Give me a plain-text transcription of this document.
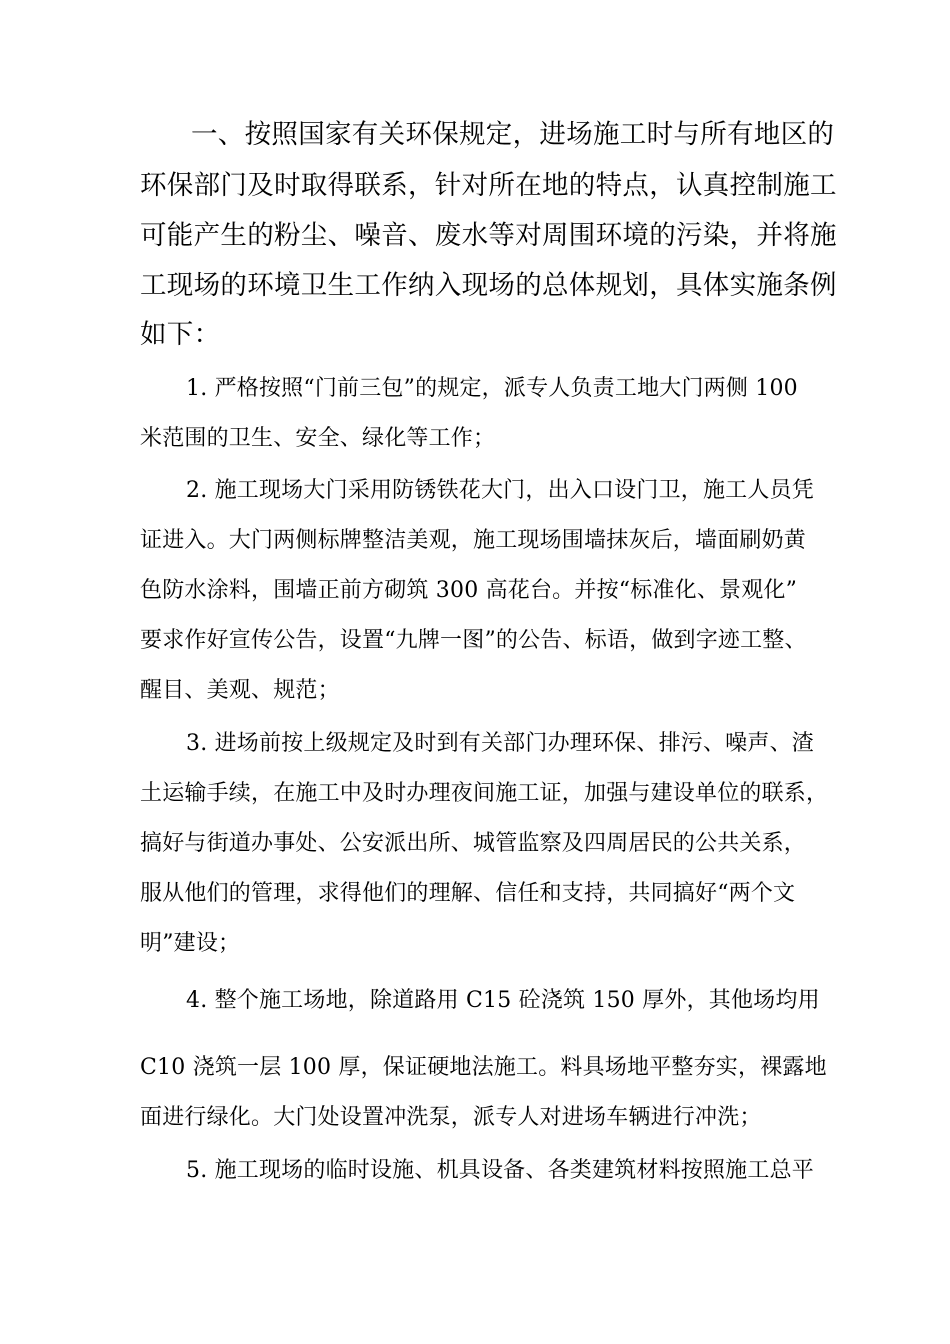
一、按照国家有关环保规定，进场施工时与所有地区的
环保部门及时取得联系，针对所在地的特点，认真控制施工
可能产生的粉尘、噪音、废水等对周围环境的污染，并将施
工现场的环境卫生工作纳入现场的总体规划，具体实施条例
如下：
1. 严格按照“门前三包”的规定，派专人负责工地大门两侧 100
米范围的卫生、安全、绿化等工作；
2. 施工现场大门采用防锈铁花大门，出入口设门卫，施工人员凭
证进入。大门两侧标牌整洁美观，施工现场围墙抹灰后，墙面刷奶黄
色防水涂料，围墙正前方砌筑 300 高花台。并按“标准化、景观化”
要求作好宣传公告，设置“九牌一图”的公告、标语，做到字迹工整、
醒目、美观、规范；
3. 进场前按上级规定及时到有关部门办理环保、排污、噪声、渣
土运输手续，在施工中及时办理夜间施工证，加强与建设单位的联系，
搞好与街道办事处、公安派出所、城管监察及四周居民的公共关系，
服从他们的管理，求得他们的理解、信任和支持，共同搞好“两个文
明”建设；
4. 整个施工场地，除道路用 C15 砼浇筑 150 厚外，其他场均用
C10 浇筑一层 100 厚，保证硬地法施工。料具场地平整夯实，裸露地
面进行绿化。大门处设置冲洗泵，派专人对进场车辆进行冲洗；
5. 施工现场的临时设施、机具设备、各类建筑材料按照施工总平
